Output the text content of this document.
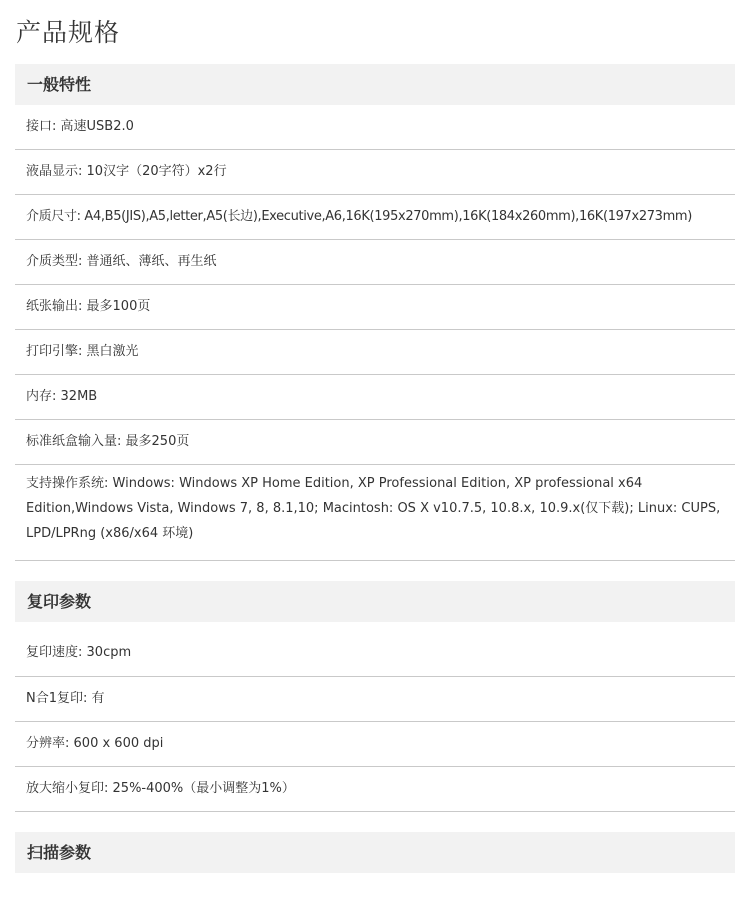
产品规格
一般特性
接口: 高速USB2.0
液晶显示: 10汉字（20字符）x2行
介质尺寸: A4,B5(JIS),A5,letter,A5(长边),Executive,A6,16K(195x270mm),16K(184x260mm),16K(197x273mm)
介质类型: 普通纸、薄纸、再生纸
纸张输出: 最多100页
打印引擎: 黑白激光
内存: 32MB
标准纸盒输入量: 最多250页
支持操作系统: Windows: Windows XP Home Edition, XP Professional Edition, XP professional x64 Edition,Windows Vista, Windows 7, 8, 8.1,10; Macintosh: OS X v10.7.5, 10.8.x, 10.9.x(仅下载); Linux: CUPS, LPD/LPRng (x86/x64 环境)
复印参数
复印速度: 30cpm
N合1复印: 有
分辨率: 600 x 600 dpi
放大缩小复印: 25%-400%（最小调整为1%）
扫描参数
